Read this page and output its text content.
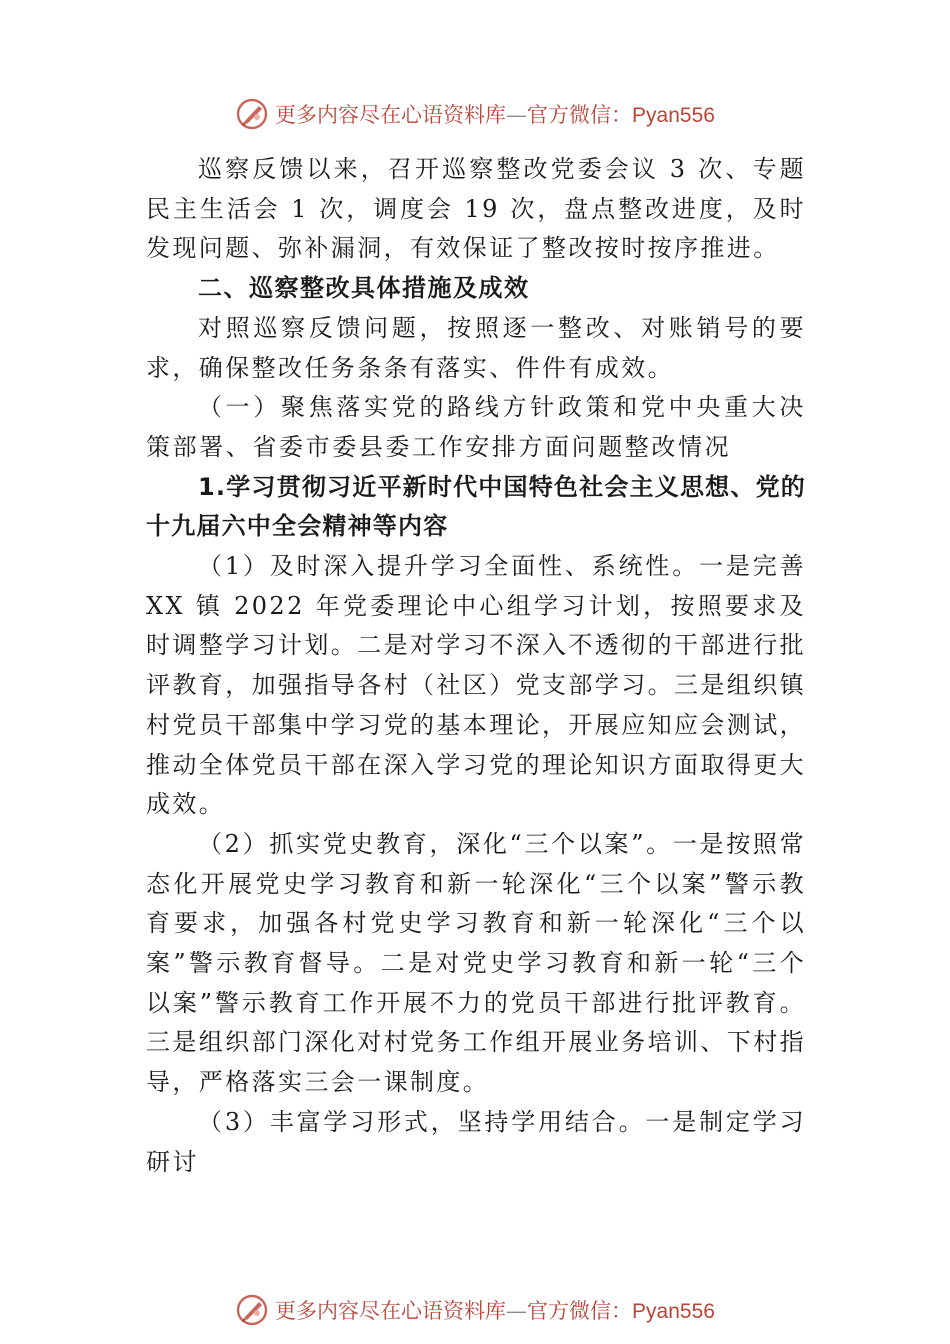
更多内容尽在心语资料库—官方微信：Pyan556

巡察反馈以来，召开巡察整改党委会议 3 次、专题民主生活会 1 次，调度会 19 次，盘点整改进度，及时发现问题、弥补漏洞，有效保证了整改按时按序推进。

二、巡察整改具体措施及成效

对照巡察反馈问题，按照逐一整改、对账销号的要求，确保整改任务条条有落实、件件有成效。

（一）聚焦落实党的路线方针政策和党中央重大决策部署、省委市委县委工作安排方面问题整改情况

1.学习贯彻习近平新时代中国特色社会主义思想、党的十九届六中全会精神等内容

（1）及时深入提升学习全面性、系统性。一是完善 XX 镇 2022 年党委理论中心组学习计划，按照要求及时调整学习计划。二是对学习不深入不透彻的干部进行批评教育，加强指导各村（社区）党支部学习。三是组织镇村党员干部集中学习党的基本理论，开展应知应会测试，推动全体党员干部在深入学习党的理论知识方面取得更大成效。

（2）抓实党史教育，深化“三个以案”。一是按照常态化开展党史学习教育和新一轮深化“三个以案”警示教育要求，加强各村党史学习教育和新一轮深化“三个以案”警示教育督导。二是对党史学习教育和新一轮“三个以案”警示教育工作开展不力的党员干部进行批评教育。三是组织部门深化对村党务工作组开展业务培训、下村指导，严格落实三会一课制度。

（3）丰富学习形式，坚持学用结合。一是制定学习研讨

更多内容尽在心语资料库—官方微信：Pyan556
